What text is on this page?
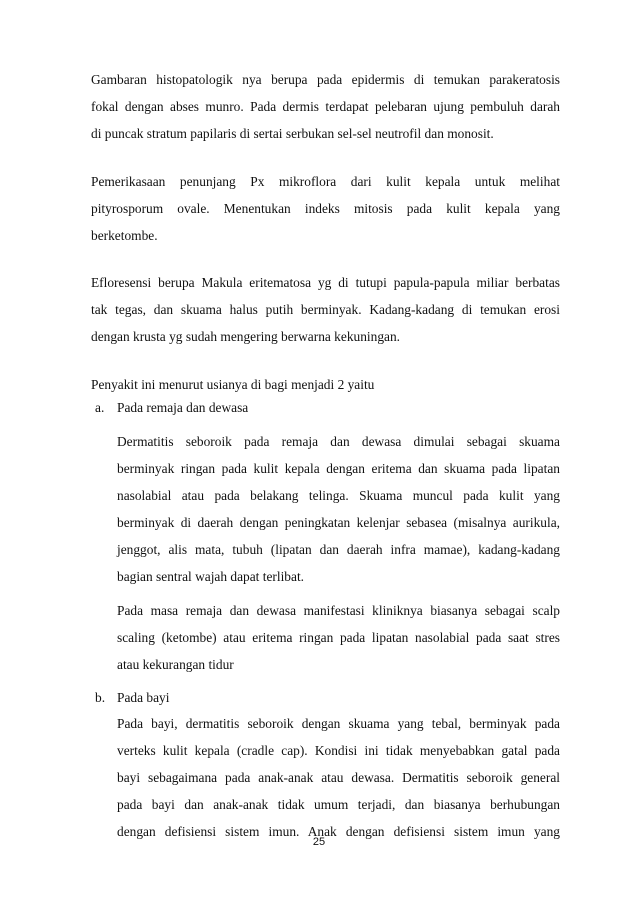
Gambaran histopatologik nya berupa pada epidermis di temukan parakeratosis
fokal dengan abses munro. Pada dermis terdapat pelebaran ujung pembuluh darah
di puncak stratum papilaris di sertai serbukan sel-sel neutrofil dan monosit.
Pemerikasaan penunjang Px mikroflora dari kulit kepala untuk melihat
pityrosporum ovale. Menentukan indeks mitosis pada kulit kepala yang
berketombe.
Efloresensi berupa Makula eritematosa yg di tutupi papula-papula miliar berbatas
tak tegas, dan skuama halus putih berminyak. Kadang-kadang di temukan erosi
dengan krusta yg sudah mengering berwarna kekuningan.
Penyakit ini menurut usianya di bagi menjadi 2 yaitu
a. Pada remaja dan dewasa
Dermatitis seboroik pada remaja dan dewasa dimulai sebagai skuama
berminyak ringan pada kulit kepala dengan eritema dan skuama pada lipatan
nasolabial atau pada belakang telinga. Skuama muncul pada kulit yang
berminyak di daerah dengan peningkatan kelenjar sebasea (misalnya aurikula,
jenggot, alis mata, tubuh (lipatan dan daerah infra mamae), kadang-kadang
bagian sentral wajah dapat terlibat.
Pada masa remaja dan dewasa manifestasi kliniknya biasanya sebagai scalp
scaling (ketombe) atau eritema ringan pada lipatan nasolabial pada saat stres
atau kekurangan tidur
b. Pada bayi
Pada bayi, dermatitis seboroik dengan skuama yang tebal, berminyak pada
verteks kulit kepala (cradle cap). Kondisi ini tidak menyebabkan gatal pada
bayi sebagaimana pada anak-anak atau dewasa. Dermatitis seboroik general
pada bayi dan anak-anak tidak umum terjadi, dan biasanya berhubungan
dengan defisiensi sistem imun. Anak dengan defisiensi sistem imun yang
25
